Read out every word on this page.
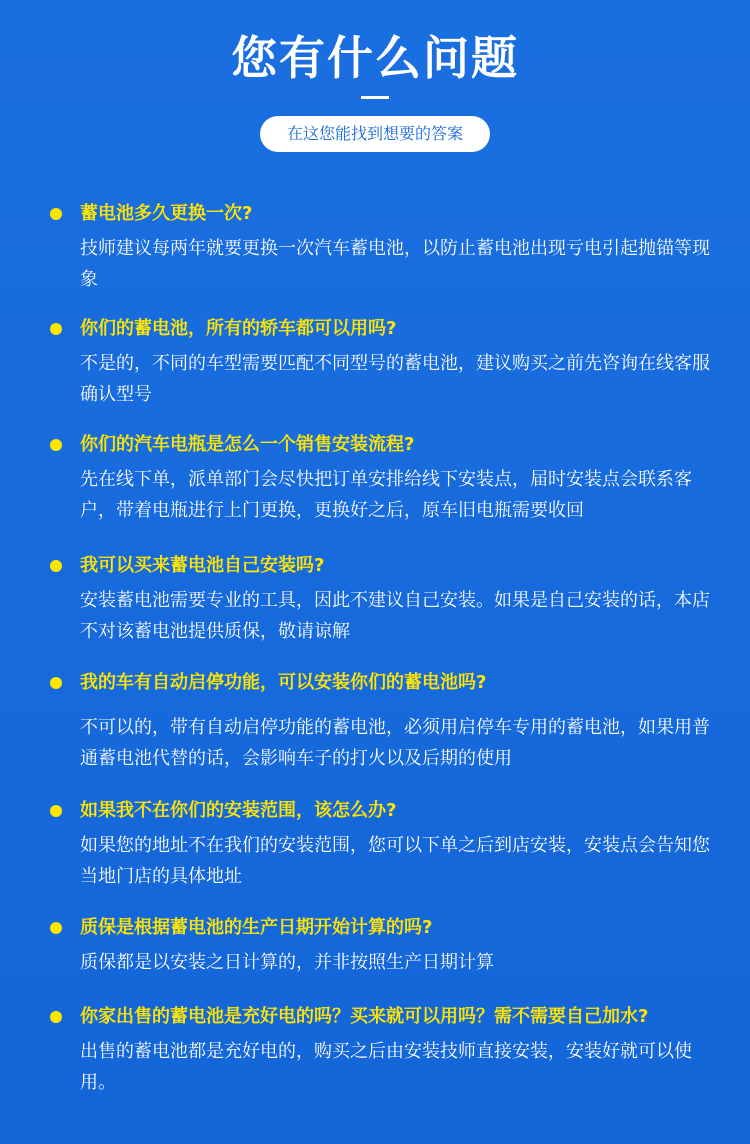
您有什么问题
在这您能找到想要的答案
蓄电池多久更换一次?
技师建议每两年就要更换一次汽车蓄电池，以防止蓄电池出现亏电引起抛锚等现象
你们的蓄电池，所有的轿车都可以用吗?
不是的，不同的车型需要匹配不同型号的蓄电池，建议购买之前先咨询在线客服确认型号
你们的汽车电瓶是怎么一个销售安装流程?
先在线下单，派单部门会尽快把订单安排给线下安装点，届时安装点会联系客户，带着电瓶进行上门更换，更换好之后，原车旧电瓶需要收回
我可以买来蓄电池自己安装吗?
安装蓄电池需要专业的工具，因此不建议自己安装。如果是自己安装的话，本店不对该蓄电池提供质保，敬请谅解
我的车有自动启停功能，可以安装你们的蓄电池吗?
不可以的，带有自动启停功能的蓄电池，必须用启停车专用的蓄电池，如果用普通蓄电池代替的话，会影响车子的打火以及后期的使用
如果我不在你们的安装范围，该怎么办?
如果您的地址不在我们的安装范围，您可以下单之后到店安装，安装点会告知您当地门店的具体地址
质保是根据蓄电池的生产日期开始计算的吗?
质保都是以安装之日计算的，并非按照生产日期计算
你家出售的蓄电池是充好电的吗？买来就可以用吗？需不需要自己加水?
出售的蓄电池都是充好电的，购买之后由安装技师直接安装，安装好就可以使用。
